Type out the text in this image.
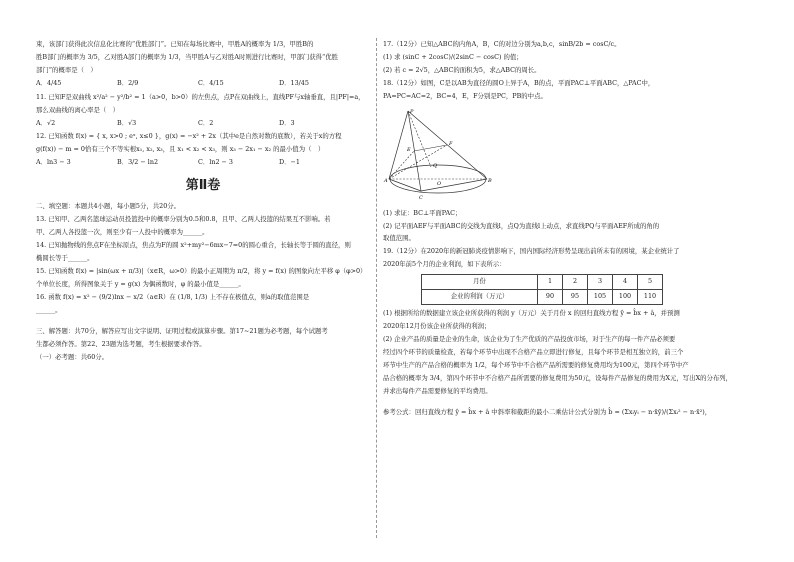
束，该部门获得此次信息化比赛的“优胜部门”。已知在每场比赛中，甲胜A的概率为 1/3，甲胜B的

胜B部门的概率为 3/5，乙对胜A部门的概率为 1/3，当甲胜A与乙对胜A时则进行比赛时，甲部门获得“优胜

部门”的概率是（　）

A．4/45	B．2/9	C．4/15	D．13/45

11. 已知F是双曲线 x²/a² − y²/b² = 1（a>0，b>0）的左焦点，点P在双曲线上，直线PF与x轴垂直，且|PF|=a，

那么双曲线的离心率是（　）

A．√2	B．√3	C．2	D．3

12. 已知函数 f(x) = { x, x>0 ; eˣ, x≤0 }，g(x) = −x² + 2x（其中e是自然对数的底数），若关于x的方程

g(f(x)) − m = 0恰有三个不等实根x₁, x₂, x₃，且 x₁ < x₂ < x₃，则 x₃ − 2x₁ − x₂ 的最小值为（　）

A．ln3 − 3	B．3/2 − ln2	C．ln2 − 3	D．−1
第Ⅱ卷

二、填空题：本题共4小题，每小题5分，共20分。

13. 已知甲、乙两名篮球运动员投篮投中的概率分别为0.5和0.8，且甲、乙两人投篮的结果互不影响。若

甲、乙两人各投篮一次，则至少有一人投中的概率为______。

14. 已知抛物线的焦点F在坐标原点，焦点为F的圆 x²+my²−6mx−7=0的圆心重合，长轴长等于圆的直径，则

椭圆长等于______。

15. 已知函数 f(x) = |sin(ωx + π/3)|（x∈R，ω>0）的最小正周期为 π/2，将 y = f(x) 的图象向左平移 φ（φ>0）

个单位长度，所得图象关于 y = g(x) 为偶函数时，φ 的最小值是______。

16. 函数 f(x) = x² − (9/2)lnx − x/2（a∈R）在 (1/8, 1/3) 上不存在极值点，则a的取值范围是

______。

三、解答题：共70分，解答应写出文字说明、证明过程或演算步骤。第17~21题为必考题，每个试题考

生都必须作答。第22、23题为选考题，考生根据要求作答。

（一）必考题：共60分。

17.（12分）已知△ABC的内角A，B，C的对边分别为a,b,c，sinB/2b = cosC/c。

(1) 求 (sinC + 2cosC)/(2sinC − cosC) 的值；

(2) 若 c = 2√5，△ABC的面积为5，求△ABC的周长。

18.（12分）如图，C是以AB为直径的圆O上异于A，B的点，平面PAC⊥平面ABC，△PAC中，

PA=PC=AC=2，BC=4，E，F分别是PC，PB的中点。

P
E
F
Q
A	B
C
O

(1) 求证：BC⊥平面PAC；

(2) 记平面AEF与平面ABC的交线为直线l，点Q为直线l上动点，求直线PQ与平面AEF所成的角的

取值范围。

19.（12分）在2020年的新冠肺炎疫情影响下，国内国际经济形势呈现出前所未有的困境，某企业统计了

2020年前5个月的企业利润，如下表所示：

月份	1	2	3	4	5
企业的利润（万元）	90	95	105	100	110

(1) 根据所给的数据建立该企业所获得的利润 y（万元）关于月份 x 的回归直线方程 ŷ = b̂x + â，并预测

2020年12月份该企业所获得的利润；

(2) 企业产品的质量是企业的生命，该企业为了生产优质的产品投放市场，对于生产的每一件产品必须要

经过四个环节的质量检查，若每个环节中出现不合格产品立即进行修复，且每个环节是相互独立的，前三个

环节中生产的产品合格的概率为 1/2，每个环节中不合格产品所需要的修复费用均为100元，第四个环节中产

品合格的概率为 3/4，第四个环节中不合格产品所需要的修复费用为50元，设每件产品修复的费用为X元，写出X的分布列，

并求出每件产品需要修复的平均费用。

参考公式：回归直线方程 ŷ = b̂x + â 中斜率和截距的最小二乘估计公式分别为 b̂ = (Σxᵢyᵢ − n·x̄ȳ)/(Σxᵢ² − n·x̄²)，
